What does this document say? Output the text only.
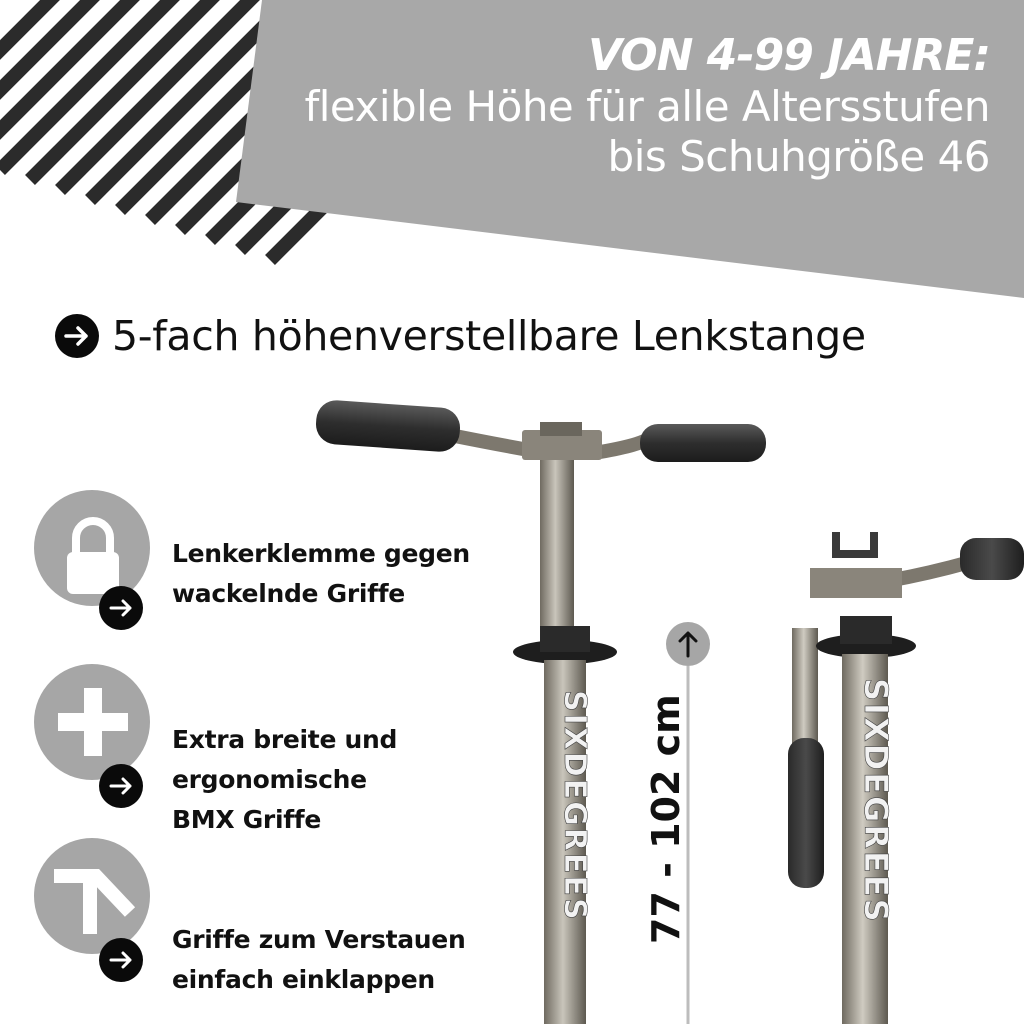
VON 4-99 JAHRE:
flexible Höhe für alle Altersstufen
bis Schuhgröße 46
5-fach höhenverstellbare Lenkstange
Lenkerklemme gegen
wackelnde Griffe
Extra breite und
ergonomische
BMX Griffe
Griffe zum Verstauen
einfach einklappen
SIXDEGREES 77 - 102 cm	SIXDEGREES
